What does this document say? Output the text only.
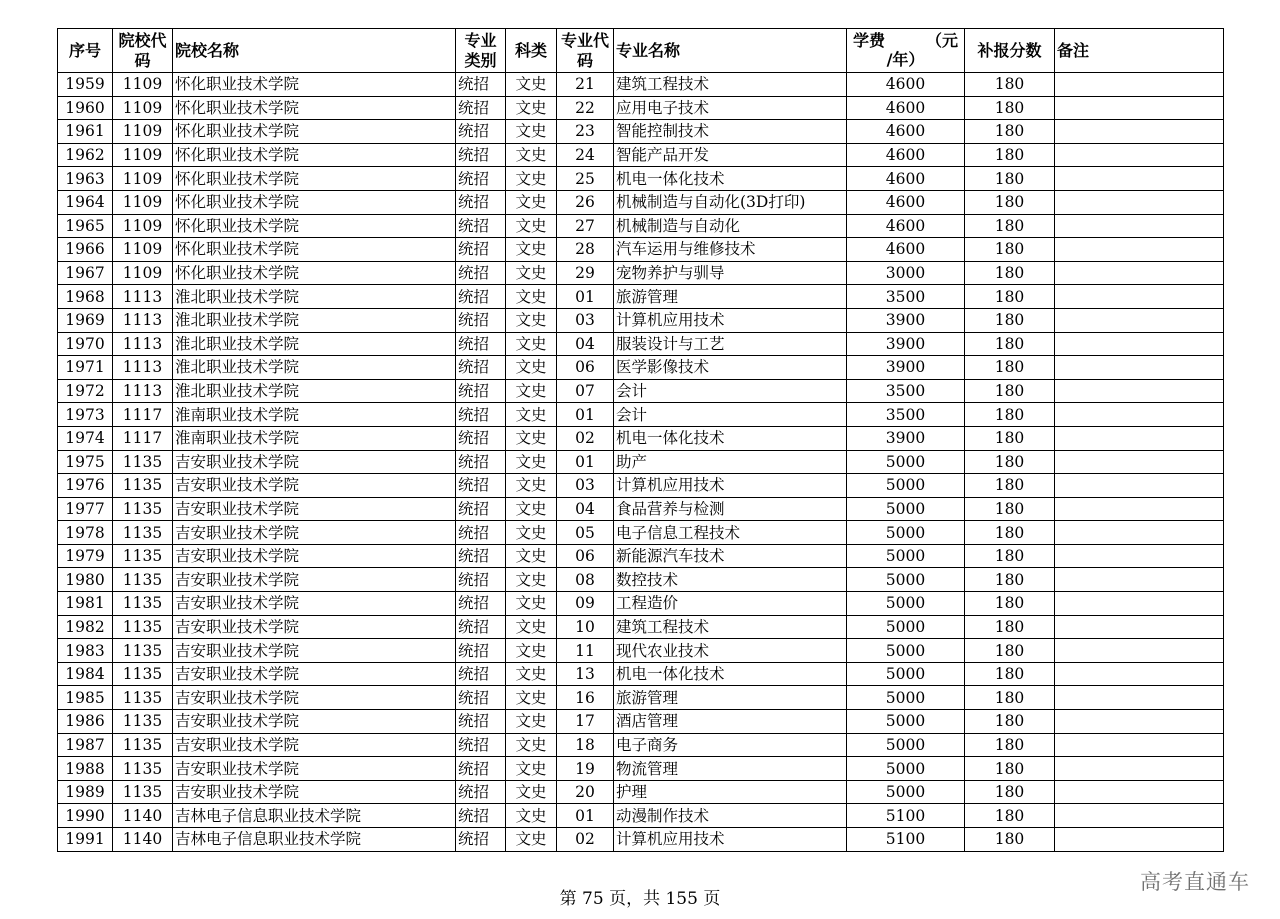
序号	院校代码	院校名称	专业类别	科类	专业代码	专业名称	学费 （元
/年）	补报分数	备注
1959	1109	怀化职业技术学院	统招	文史	21	建筑工程技术	4600	180	
1960	1109	怀化职业技术学院	统招	文史	22	应用电子技术	4600	180	
1961	1109	怀化职业技术学院	统招	文史	23	智能控制技术	4600	180	
1962	1109	怀化职业技术学院	统招	文史	24	智能产品开发	4600	180	
1963	1109	怀化职业技术学院	统招	文史	25	机电一体化技术	4600	180	
1964	1109	怀化职业技术学院	统招	文史	26	机械制造与自动化(3D打印)	4600	180	
1965	1109	怀化职业技术学院	统招	文史	27	机械制造与自动化	4600	180	
1966	1109	怀化职业技术学院	统招	文史	28	汽车运用与维修技术	4600	180	
1967	1109	怀化职业技术学院	统招	文史	29	宠物养护与驯导	3000	180	
1968	1113	淮北职业技术学院	统招	文史	01	旅游管理	3500	180	
1969	1113	淮北职业技术学院	统招	文史	03	计算机应用技术	3900	180	
1970	1113	淮北职业技术学院	统招	文史	04	服装设计与工艺	3900	180	
1971	1113	淮北职业技术学院	统招	文史	06	医学影像技术	3900	180	
1972	1113	淮北职业技术学院	统招	文史	07	会计	3500	180	
1973	1117	淮南职业技术学院	统招	文史	01	会计	3500	180	
1974	1117	淮南职业技术学院	统招	文史	02	机电一体化技术	3900	180	
1975	1135	吉安职业技术学院	统招	文史	01	助产	5000	180	
1976	1135	吉安职业技术学院	统招	文史	03	计算机应用技术	5000	180	
1977	1135	吉安职业技术学院	统招	文史	04	食品营养与检测	5000	180	
1978	1135	吉安职业技术学院	统招	文史	05	电子信息工程技术	5000	180	
1979	1135	吉安职业技术学院	统招	文史	06	新能源汽车技术	5000	180	
1980	1135	吉安职业技术学院	统招	文史	08	数控技术	5000	180	
1981	1135	吉安职业技术学院	统招	文史	09	工程造价	5000	180	
1982	1135	吉安职业技术学院	统招	文史	10	建筑工程技术	5000	180	
1983	1135	吉安职业技术学院	统招	文史	11	现代农业技术	5000	180	
1984	1135	吉安职业技术学院	统招	文史	13	机电一体化技术	5000	180	
1985	1135	吉安职业技术学院	统招	文史	16	旅游管理	5000	180	
1986	1135	吉安职业技术学院	统招	文史	17	酒店管理	5000	180	
1987	1135	吉安职业技术学院	统招	文史	18	电子商务	5000	180	
1988	1135	吉安职业技术学院	统招	文史	19	物流管理	5000	180	
1989	1135	吉安职业技术学院	统招	文史	20	护理	5000	180	
1990	1140	吉林电子信息职业技术学院	统招	文史	01	动漫制作技术	5100	180	
1991	1140	吉林电子信息职业技术学院	统招	文史	02	计算机应用技术	5100	180	
第 75 页，共 155 页
高考直通车
